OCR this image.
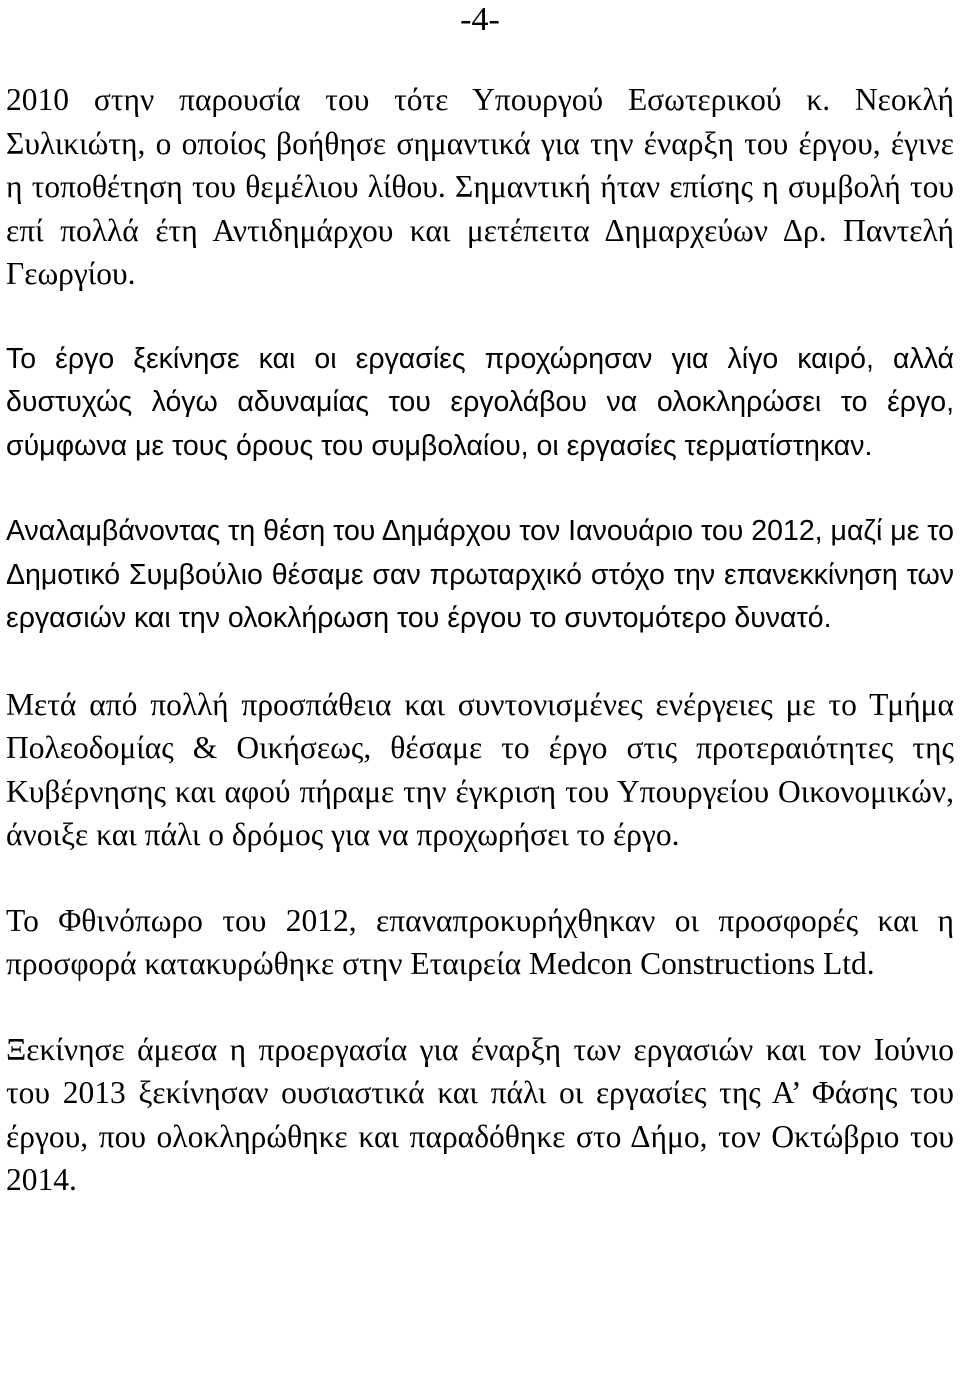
-4-

2010 στην παρουσία του τότε Υπουργού Εσωτερικού κ. Νεοκλή Συλικιώτη, ο οποίος βοήθησε σημαντικά για την έναρξη του έργου, έγινε η τοποθέτηση του θεμέλιου λίθου. Σημαντική ήταν επίσης η συμβολή του επί πολλά έτη Αντιδημάρχου και μετέπειτα Δημαρχεύων Δρ. Παντελή Γεωργίου.

Το έργο ξεκίνησε και οι εργασίες προχώρησαν για λίγο καιρό, αλλά δυστυχώς λόγω αδυναμίας του εργολάβου να ολοκληρώσει το έργο, σύμφωνα με τους όρους του συμβολαίου, οι εργασίες τερματίστηκαν.

Αναλαμβάνοντας τη θέση του Δημάρχου τον Ιανουάριο του 2012, μαζί με το Δημοτικό Συμβούλιο θέσαμε σαν πρωταρχικό στόχο την επανεκκίνηση των εργασιών και την ολοκλήρωση του έργου το συντομότερο δυνατό.

Μετά από πολλή προσπάθεια και συντονισμένες ενέργειες με το Τμήμα Πολεοδομίας & Οικήσεως, θέσαμε το έργο στις προτεραιότητες της Κυβέρνησης και αφού πήραμε την έγκριση του Υπουργείου Οικονομικών, άνοιξε και πάλι ο δρόμος για να προχωρήσει το έργο.

Το Φθινόπωρο του 2012, επαναπροκυρήχθηκαν οι προσφορές και η προσφορά κατακυρώθηκε στην Εταιρεία Medcon Constructions Ltd.

Ξεκίνησε άμεσα η προεργασία για έναρξη των εργασιών και τον Ιούνιο του 2013 ξεκίνησαν ουσιαστικά και πάλι οι εργασίες της Α’ Φάσης του έργου, που ολοκληρώθηκε και παραδόθηκε στο Δήμο, τον Οκτώβριο του 2014.
